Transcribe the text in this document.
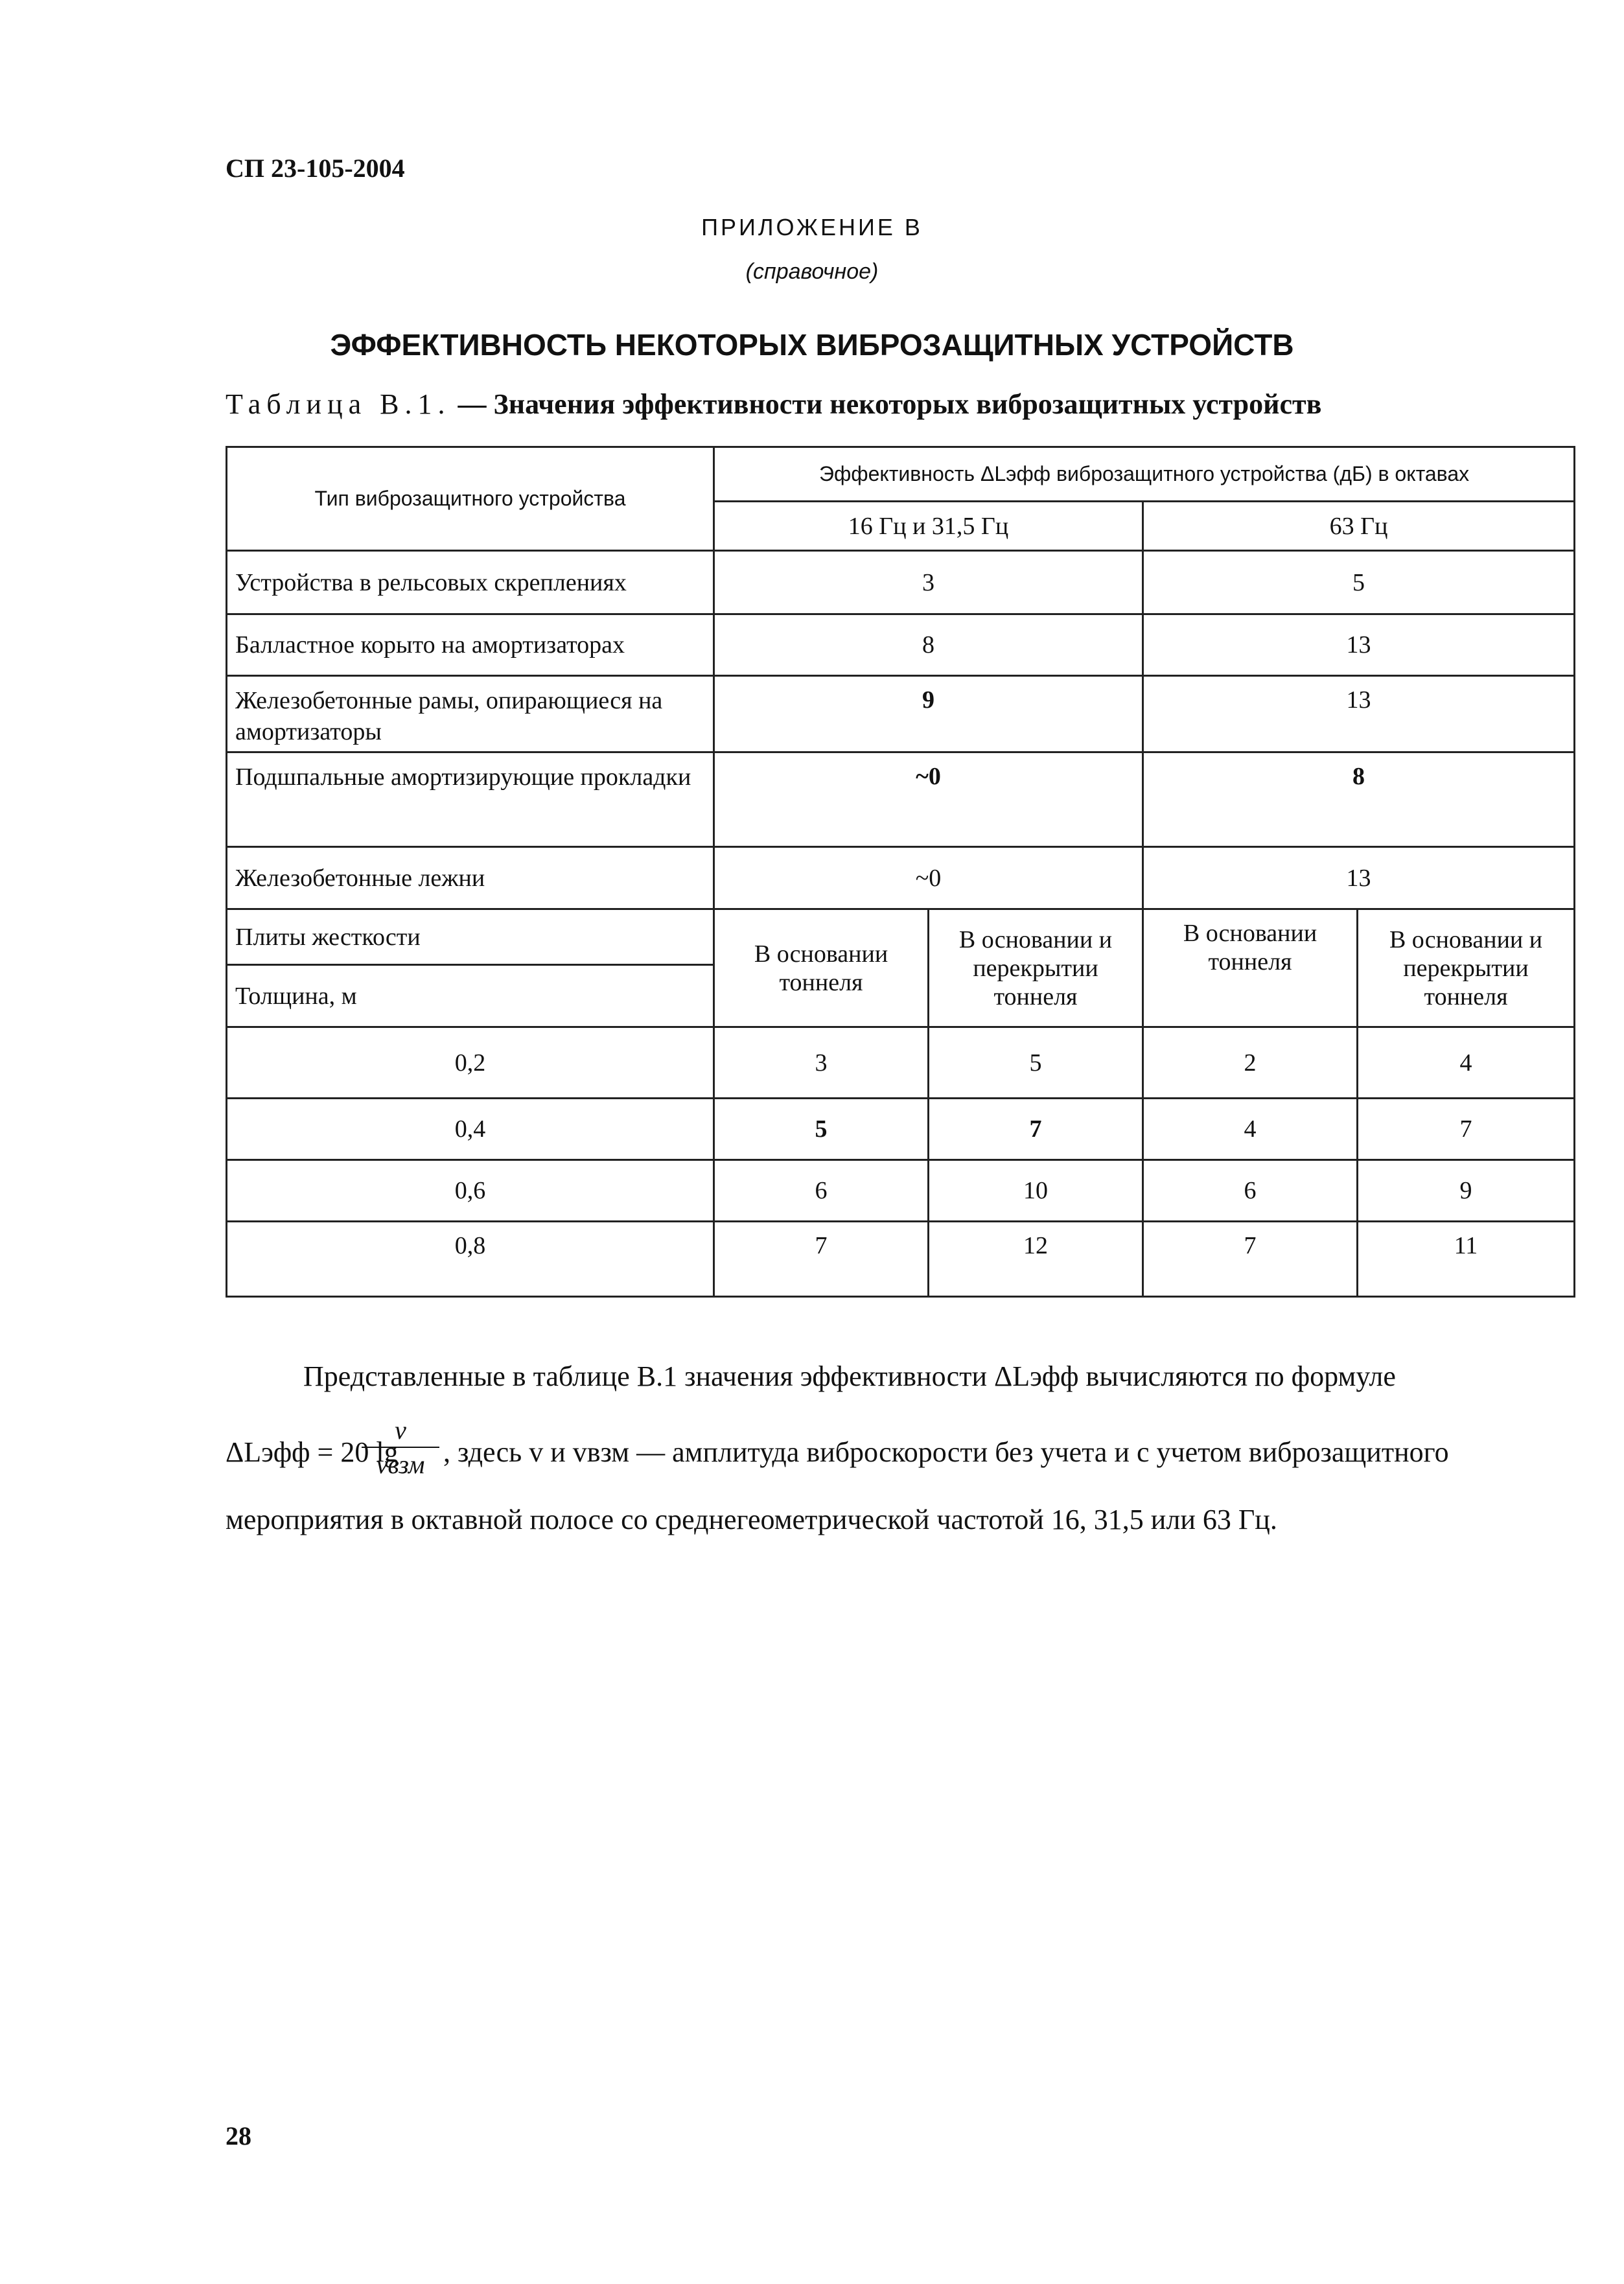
СП 23-105-2004
ПРИЛОЖЕНИЕ В
(справочное)
ЭФФЕКТИВНОСТЬ НЕКОТОРЫХ ВИБРОЗАЩИТНЫХ УСТРОЙСТВ
Таблица В.1. — Значения эффективности некоторых виброзащитных устройств
Тип виброзащитного устройства	Эффективность ΔLэфф виброзащитного устройства (дБ) в октавах			
	16 Гц и 31,5 Гц		63 Гц	
Устройства в рельсовых скреплениях	3		5	
Балластное корыто на амортизаторах	8		13	
Железобетонные рамы, опирающиеся на амортизаторы	9		13	
Подшпальные амортизирующие прокладки	~0		8	
Железобетонные лежни	~0		13	
Плиты жесткости	В основании тоннеля	В основании и перекрытии тоннеля	В основании тоннеля	В основании и перекрытии тоннеля
Толщина, м				
0,2	3	5	2	4
0,4	5	7	4	7
0,6	6	10	6	9
0,8	7	12	7	11
Представленные в таблице В.1 значения эффективности ΔLэфф вычисляются по формуле
ΔLэфф = 20 lg
v
vвзм , здесь v и vвзм — амплитуда виброскорости без учета и с учетом виброзащитного
мероприятия в октавной полосе со среднегеометрической частотой 16, 31,5 или 63 Гц.
28
